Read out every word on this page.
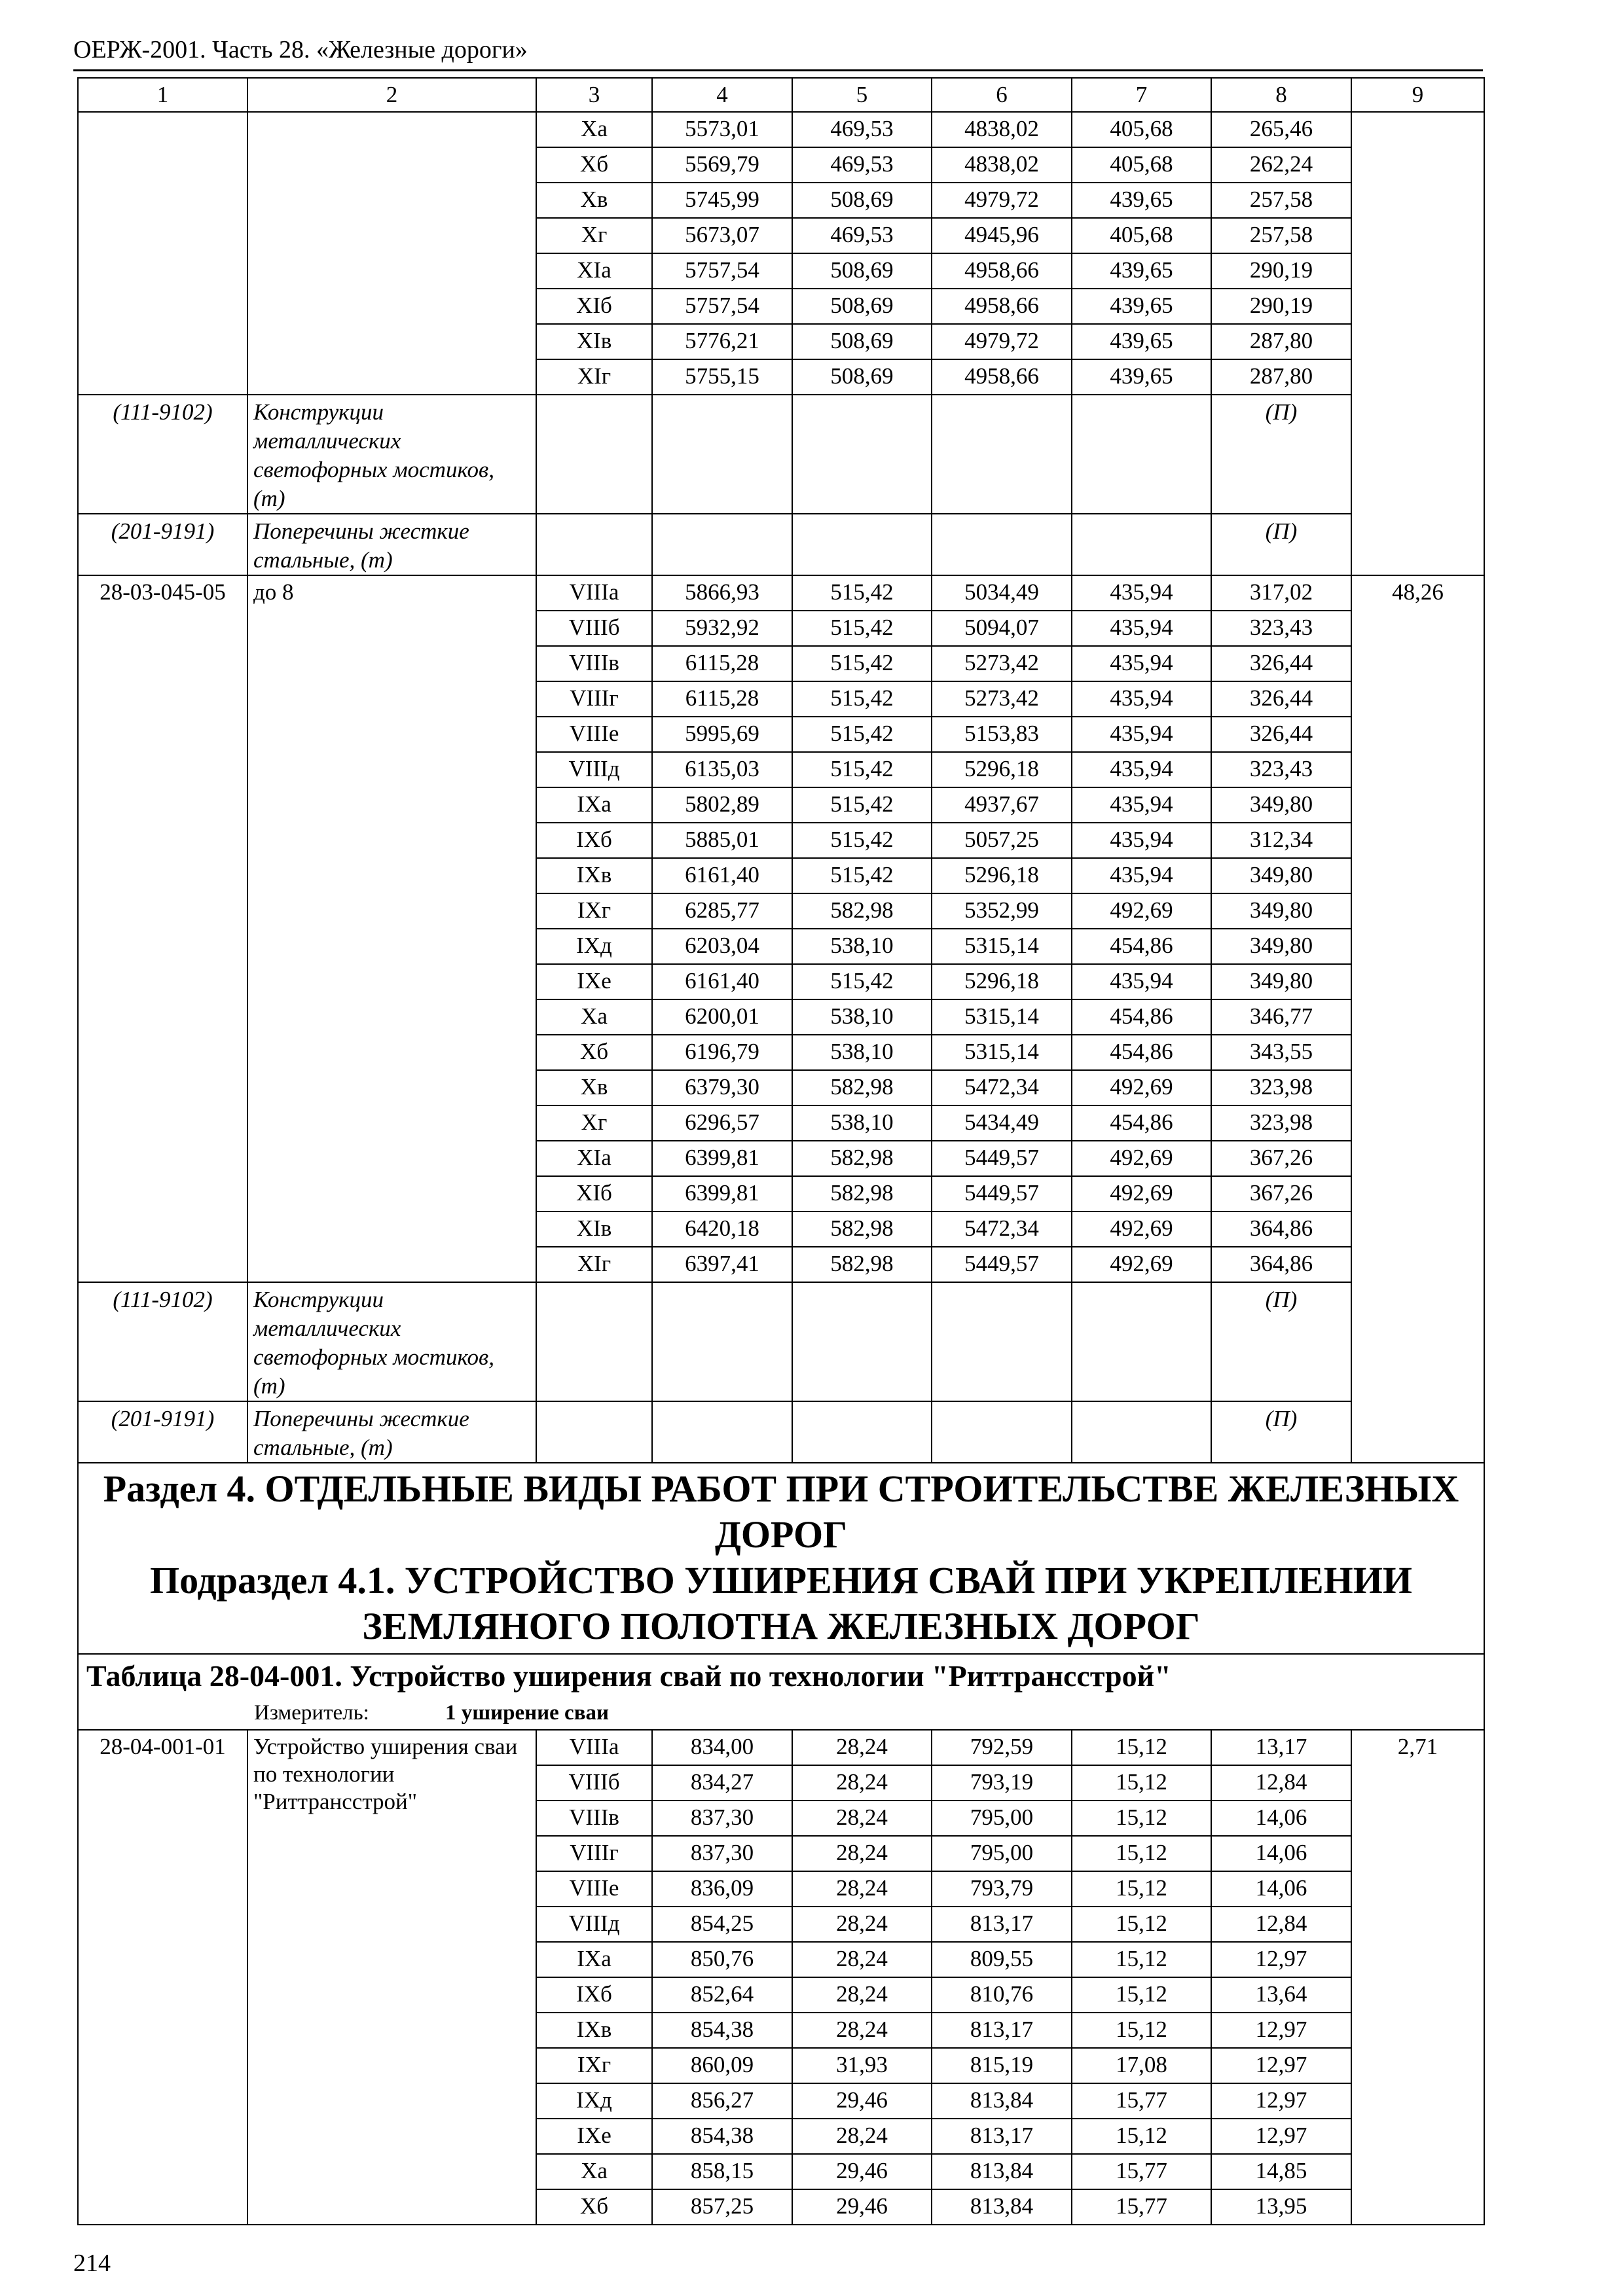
ОЕРЖ-2001. Часть 28. «Железные дороги»
1	2	3	4	5	6	7	8	9
		Xа	5573,01	469,53	4838,02	405,68	265,46	
		Xб	5569,79	469,53	4838,02	405,68	262,24	
		Xв	5745,99	508,69	4979,72	439,65	257,58	
		Xг	5673,07	469,53	4945,96	405,68	257,58	
		XIа	5757,54	508,69	4958,66	439,65	290,19	
		XIб	5757,54	508,69	4958,66	439,65	290,19	
		XIв	5776,21	508,69	4979,72	439,65	287,80	
		XIг	5755,15	508,69	4958,66	439,65	287,80	
(111-9102)	Конструкции металлических светофорных мостиков, (т)						(П)	
(201-9191)	Поперечины жесткие стальные, (т)						(П)	
28-03-045-05	до 8	VIIIа	5866,93	515,42	5034,49	435,94	317,02	48,26
		VIIIб	5932,92	515,42	5094,07	435,94	323,43	
		VIIIв	6115,28	515,42	5273,42	435,94	326,44	
		VIIIг	6115,28	515,42	5273,42	435,94	326,44	
		VIIIе	5995,69	515,42	5153,83	435,94	326,44	
		VIIIд	6135,03	515,42	5296,18	435,94	323,43	
		IXа	5802,89	515,42	4937,67	435,94	349,80	
		IXб	5885,01	515,42	5057,25	435,94	312,34	
		IXв	6161,40	515,42	5296,18	435,94	349,80	
		IXг	6285,77	582,98	5352,99	492,69	349,80	
		IXд	6203,04	538,10	5315,14	454,86	349,80	
		IXе	6161,40	515,42	5296,18	435,94	349,80	
		Xа	6200,01	538,10	5315,14	454,86	346,77	
		Xб	6196,79	538,10	5315,14	454,86	343,55	
		Xв	6379,30	582,98	5472,34	492,69	323,98	
		Xг	6296,57	538,10	5434,49	454,86	323,98	
		XIа	6399,81	582,98	5449,57	492,69	367,26	
		XIб	6399,81	582,98	5449,57	492,69	367,26	
		XIв	6420,18	582,98	5472,34	492,69	364,86	
		XIг	6397,41	582,98	5449,57	492,69	364,86	
(111-9102)	Конструкции металлических светофорных мостиков, (т)						(П)	
(201-9191)	Поперечины жесткие стальные, (т)						(П)	

Раздел 4. ОТДЕЛЬНЫЕ ВИДЫ РАБОТ ПРИ СТРОИТЕЛЬСТВЕ ЖЕЛЕЗНЫХ ДОРОГ
Подраздел 4.1. УСТРОЙСТВО УШИРЕНИЯ СВАЙ ПРИ УКРЕПЛЕНИИ ЗЕМЛЯНОГО ПОЛОТНА ЖЕЛЕЗНЫХ ДОРОГ								

Таблица 28-04-001. Устройство уширения свай по технологии "Риттрансстрой"								
Измеритель: 1 уширение сваи								
28-04-001-01	Устройство уширения сваи по технологии "Риттрансстрой"	VIIIа	834,00	28,24	792,59	15,12	13,17	2,71
		VIIIб	834,27	28,24	793,19	15,12	12,84	
		VIIIв	837,30	28,24	795,00	15,12	14,06	
		VIIIг	837,30	28,24	795,00	15,12	14,06	
		VIIIе	836,09	28,24	793,79	15,12	14,06	
		VIIIд	854,25	28,24	813,17	15,12	12,84	
		IXа	850,76	28,24	809,55	15,12	12,97	
		IXб	852,64	28,24	810,76	15,12	13,64	
		IXв	854,38	28,24	813,17	15,12	12,97	
		IXг	860,09	31,93	815,19	17,08	12,97	
		IXд	856,27	29,46	813,84	15,77	12,97	
		IXе	854,38	28,24	813,17	15,12	12,97	
		Xа	858,15	29,46	813,84	15,77	14,85	
		Xб	857,25	29,46	813,84	15,77	13,95	
214
